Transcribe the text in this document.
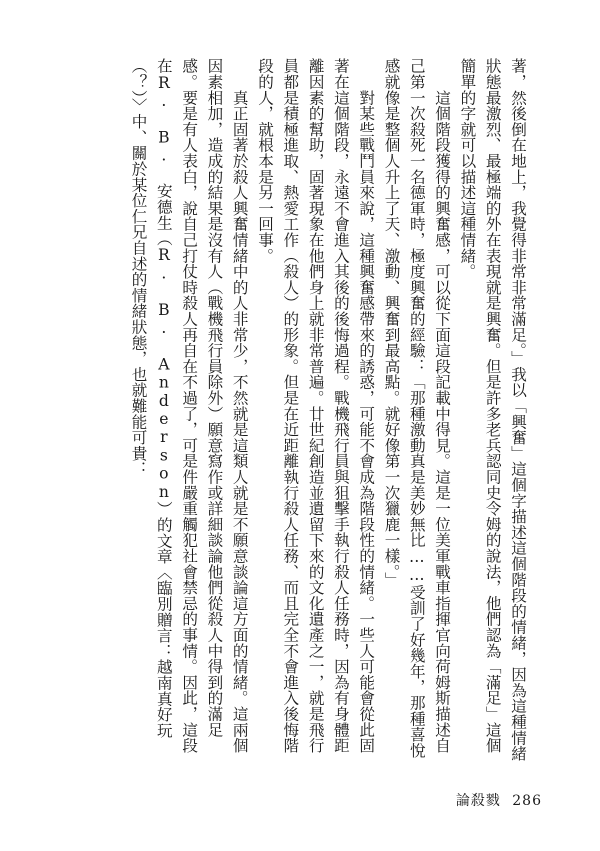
著，然後倒在地上，我覺得非常非常滿足。」我以「興奮」這個字描述這個階段的情緒，因為這種情緒狀態最激烈、最極端的外在表現就是興奮。但是許多老兵認同史令姆的說法，他們認為「滿足」這個簡單的字就可以描述這種情緒。

　　這個階段獲得的興奮感，可以從下面這段記載中得見。這是一位美軍戰車指揮官向荷姆斯描述自己第一次殺死一名德軍時，極度興奮的經驗：「那種激動真是美妙無比……受訓了好幾年，那種喜悅感就像是整個人升上了天、激動、興奮到最高點。就好像第一次獵鹿一樣。」

　　對某些戰鬥員來說，這種興奮感帶來的誘惑，可能不會成為階段性的情緒。一些人可能會從此固著在這個階段，永遠不會進入其後的後悔過程。戰機飛行員與狙擊手執行殺人任務時，因為有身體距離因素的幫助，固著現象在他們身上就非常普遍。廿世紀創造並遺留下來的文化遺產之一，就是飛行員都是積極進取、熱愛工作（殺人）的形象。但是在近距離執行殺人任務、而且完全不會進入後悔階段的人，就根本是另一回事。

　　真正固著於殺人興奮情緒中的人非常少，不然就是這類人就是不願意談論這方面的情緒。這兩個因素相加，造成的結果是沒有人（戰機飛行員除外）願意寫作或詳細談論他們從殺人中得到的滿足感。要是有人表白，說自己打仗時殺人再自在不過了，可是件嚴重觸犯社會禁忌的事情。因此，這段在R. B. 安德生（R. B. Anderson）的文章〈臨別贈言：越南真好玩（？）〉中、關於某位仁兄自述的情緒狀態，也就難能可貴：

論殺戮 286
